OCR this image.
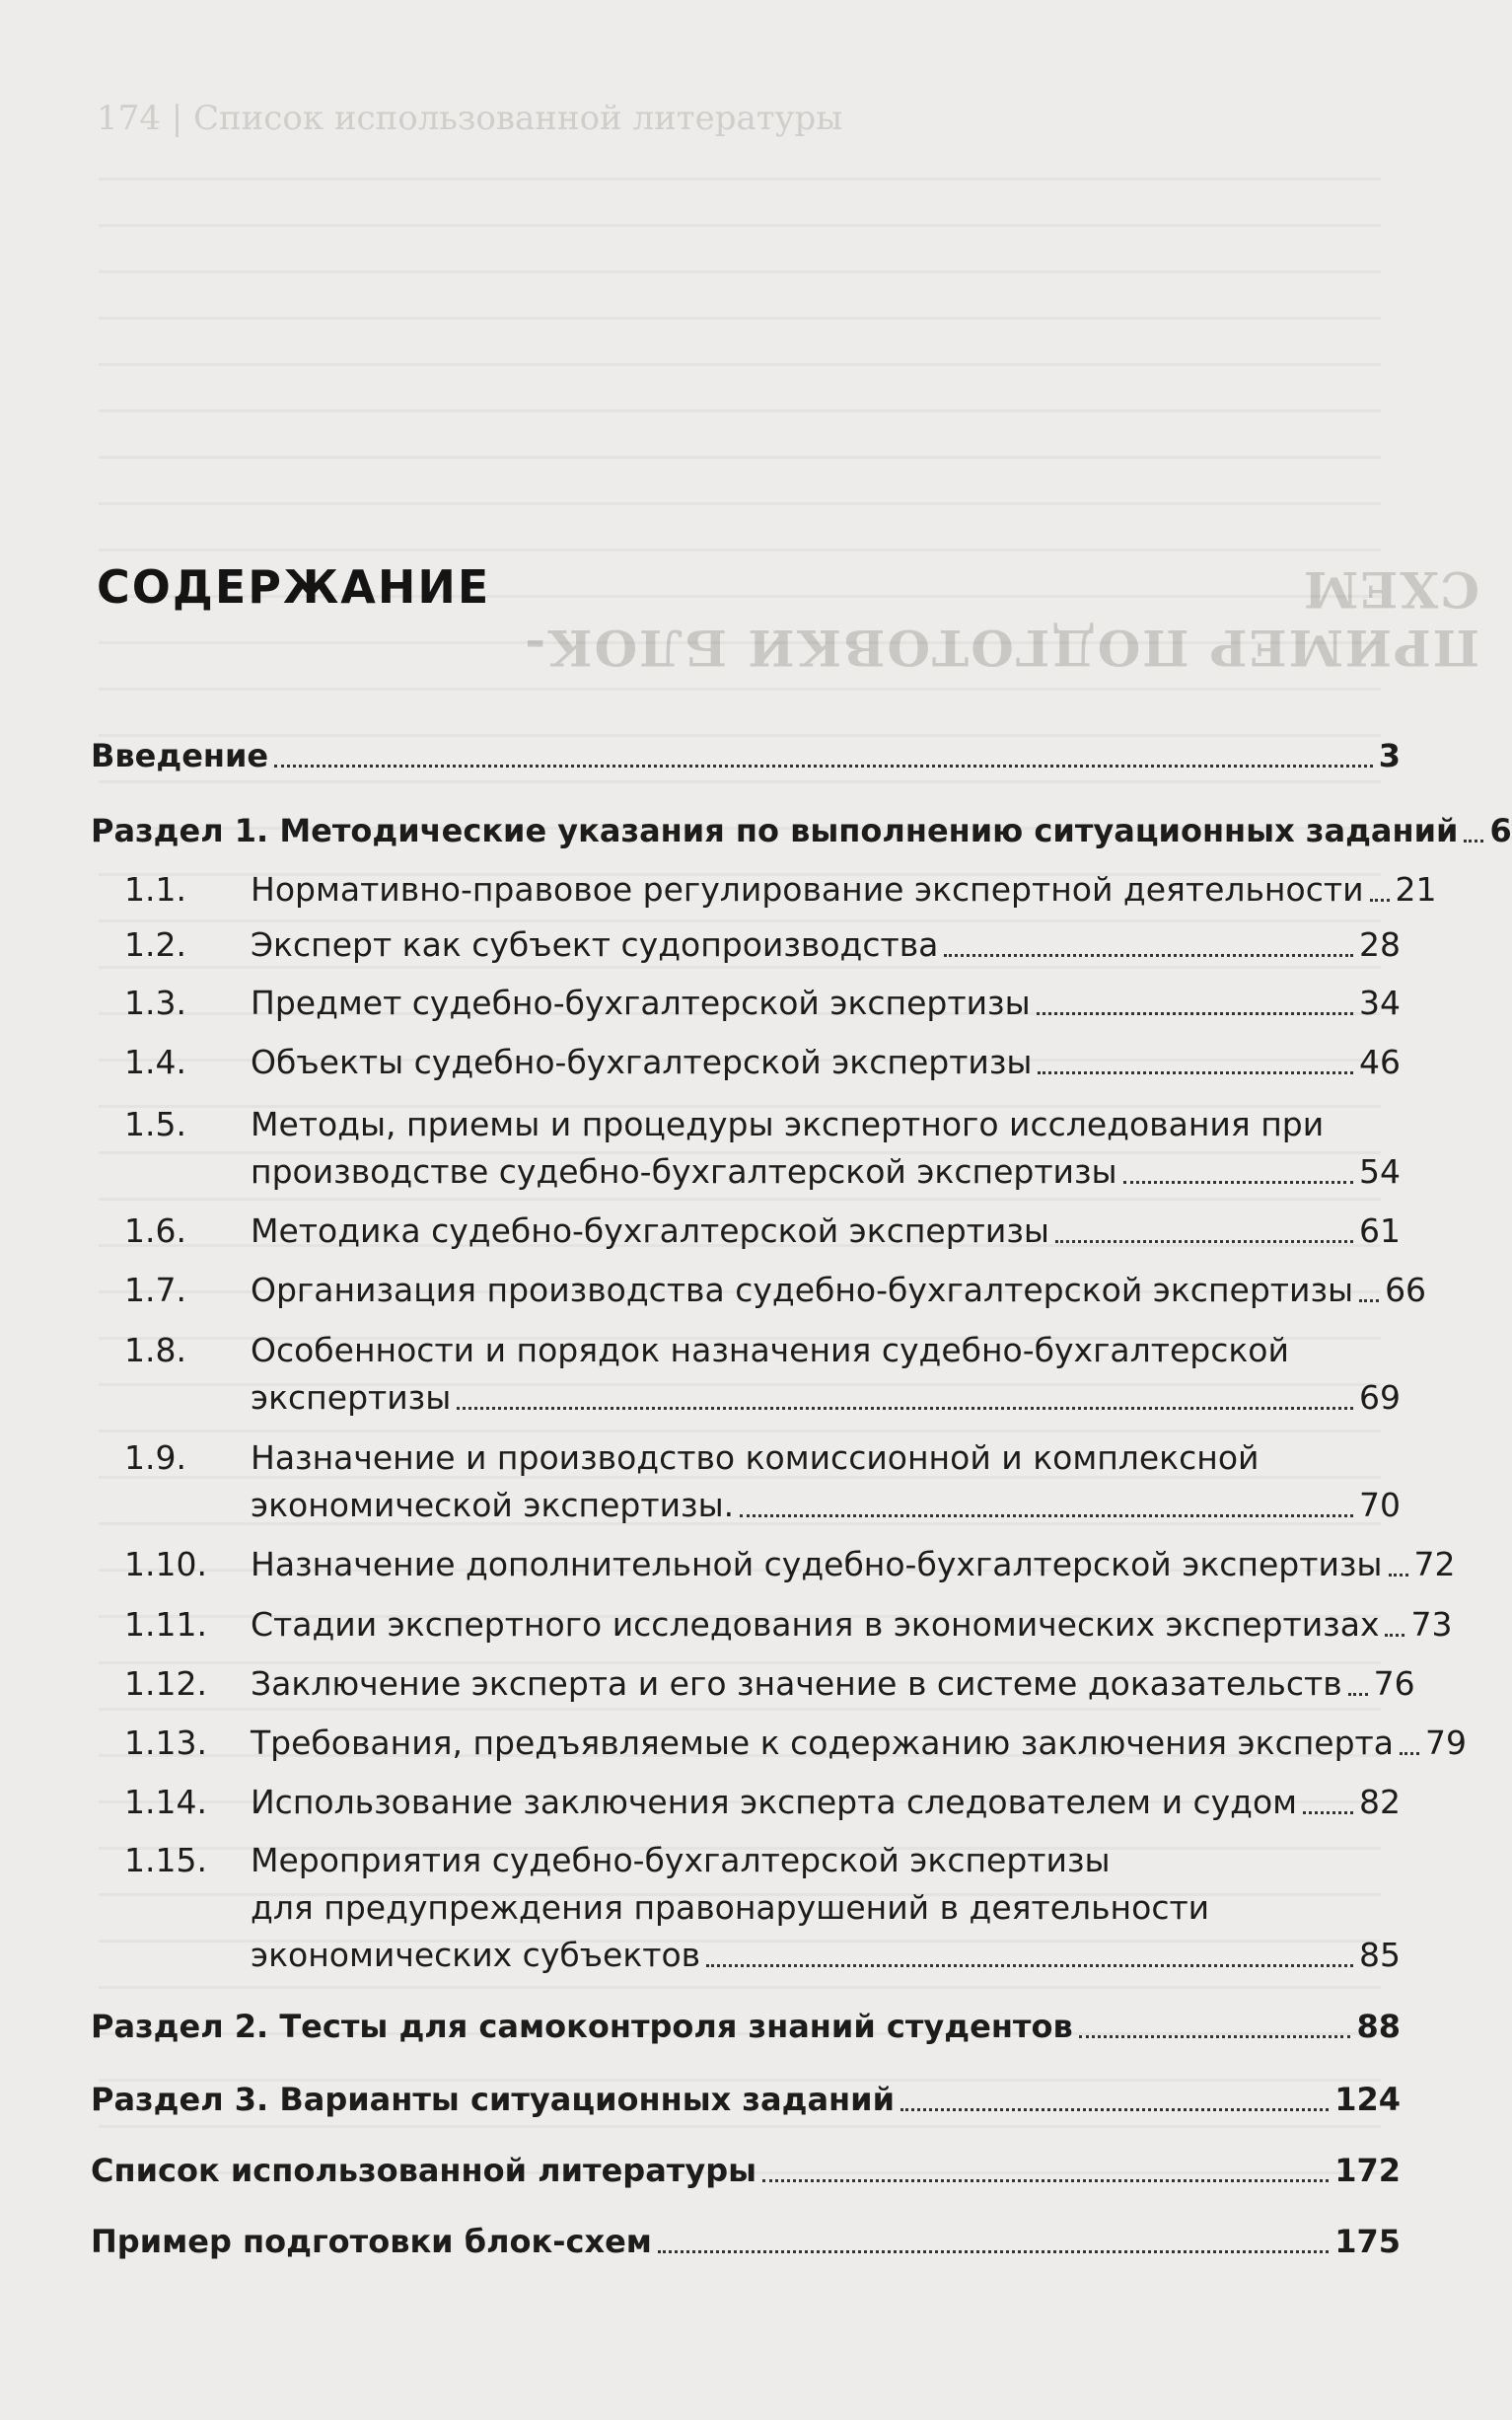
174 | Список использованной литературы
ПРИМЕР ПОДГОТОВКИ БЛОК-СХЕМ
СОДЕРЖАНИЕ
Введение	3
Раздел 1. Методические указания по выполнению ситуационных заданий 6
1.1.	Нормативно-правовое регулирование экспертной деятельности 21
1.2.	Эксперт как субъект судопроизводства	28
1.3.	Предмет судебно-бухгалтерской экспертизы	34
1.4.	Объекты судебно-бухгалтерской экспертизы	46
1.5.	Методы, приемы и процедуры экспертного исследования при
производстве судебно-бухгалтерской экспертизы	54
1.6.	Методика судебно-бухгалтерской экспертизы	61
1.7.	Организация производства судебно-бухгалтерской экспертизы 66
1.8.	Особенности и порядок назначения судебно-бухгалтерской
экспертизы	69
1.9.	Назначение и производство комиссионной и комплексной
экономической экспертизы.	70
1.10.	Назначение дополнительной судебно-бухгалтерской экспертизы 72
1.11.	Стадии экспертного исследования в экономических экспертизах 73
1.12.	Заключение эксперта и его значение в системе доказательств 76
1.13.	Требования, предъявляемые к содержанию заключения эксперта 79
1.14.	Использование заключения эксперта следователем и судом 82
1.15.	Мероприятия судебно-бухгалтерской экспертизы
для предупреждения правонарушений в деятельности
экономических субъектов	85
Раздел 2. Тесты для самоконтроля знаний студентов	88
Раздел 3. Варианты ситуационных заданий	124
Список использованной литературы	172
Пример подготовки блок-схем	175
